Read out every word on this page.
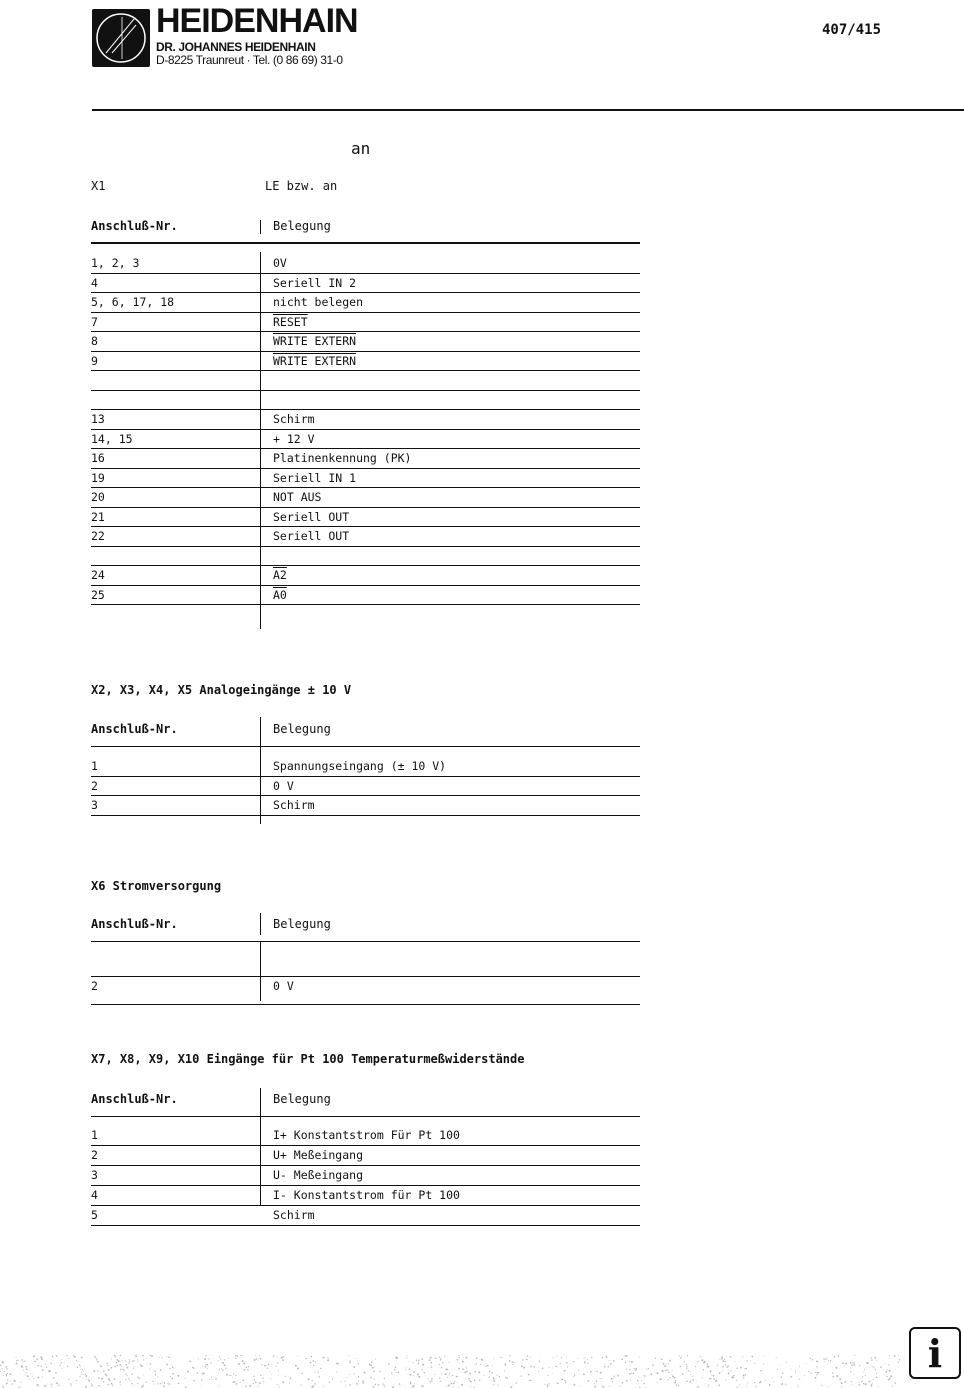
HEIDENHAIN
DR. JOHANNES HEIDENHAIN
D-8225 Traunreut · Tel. (0 86 69) 31-0
407/415
an
X1	LE bzw. an
Anschluß-Nr.	Belegung
1, 2, 3	0V
4	Seriell IN 2
5, 6, 17, 18	nicht belegen
7	RESET
8	WRITE EXTERN
9	WRITE EXTERN
13	Schirm
14, 15	+ 12 V
16	Platinenkennung (PK)
19	Seriell IN 1
20	NOT AUS
21	Seriell OUT
22	Seriell OUT
24	A2
25	A0
X2, X3, X4, X5 Analogeingänge ± 10 V
Anschluß-Nr.	Belegung
1	Spannungseingang (± 10 V)
2	0 V
3	Schirm
X6 Stromversorgung
Anschluß-Nr.	Belegung
2	0 V
X7, X8, X9, X10 Eingänge für Pt 100 Temperaturmeßwiderstände
Anschluß-Nr.	Belegung
1	I+ Konstantstrom Für Pt 100
2	U+ Meßeingang
3	U- Meßeingang
4	I- Konstantstrom für Pt 100
5	Schirm
i
